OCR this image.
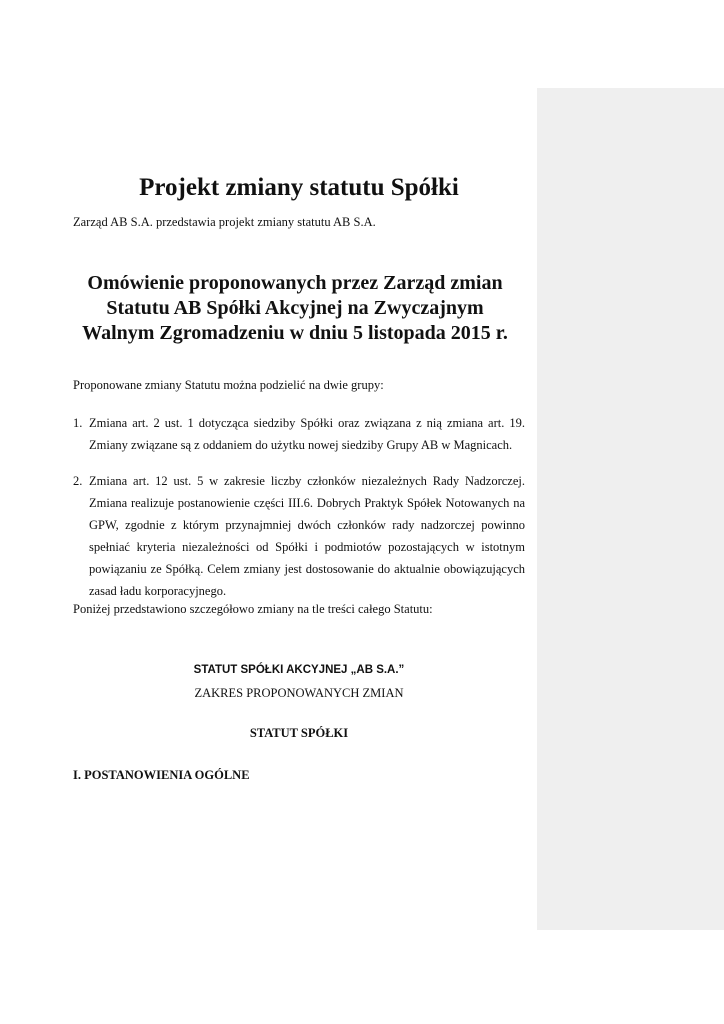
Projekt zmiany statutu Spółki

Zarząd AB S.A. przedstawia projekt zmiany statutu AB S.A.

Omówienie proponowanych przez Zarząd zmian Statutu AB Spółki Akcyjnej na Zwyczajnym Walnym Zgromadzeniu w dniu 5 listopada 2015 r.

Proponowane zmiany Statutu można podzielić na dwie grupy:

1. Zmiana art. 2 ust. 1 dotycząca siedziby Spółki oraz związana z nią zmiana art. 19. Zmiany związane są z oddaniem do użytku nowej siedziby Grupy AB w Magnicach.
2. Zmiana art. 12 ust. 5 w zakresie liczby członków niezależnych Rady Nadzorczej. Zmiana realizuje postanowienie części III.6. Dobrych Praktyk Spółek Notowanych na GPW, zgodnie z którym przynajmniej dwóch członków rady nadzorczej powinno spełniać kryteria niezależności od Spółki i podmiotów pozostających w istotnym powiązaniu ze Spółką. Celem zmiany jest dostosowanie do aktualnie obowiązujących zasad ładu korporacyjnego.

Poniżej przedstawiono szczegółowo zmiany na tle treści całego Statutu:

STATUT SPÓŁKI AKCYJNEJ „AB S.A.”

ZAKRES PROPONOWANYCH ZMIAN

STATUT SPÓŁKI

I. POSTANOWIENIA OGÓLNE
